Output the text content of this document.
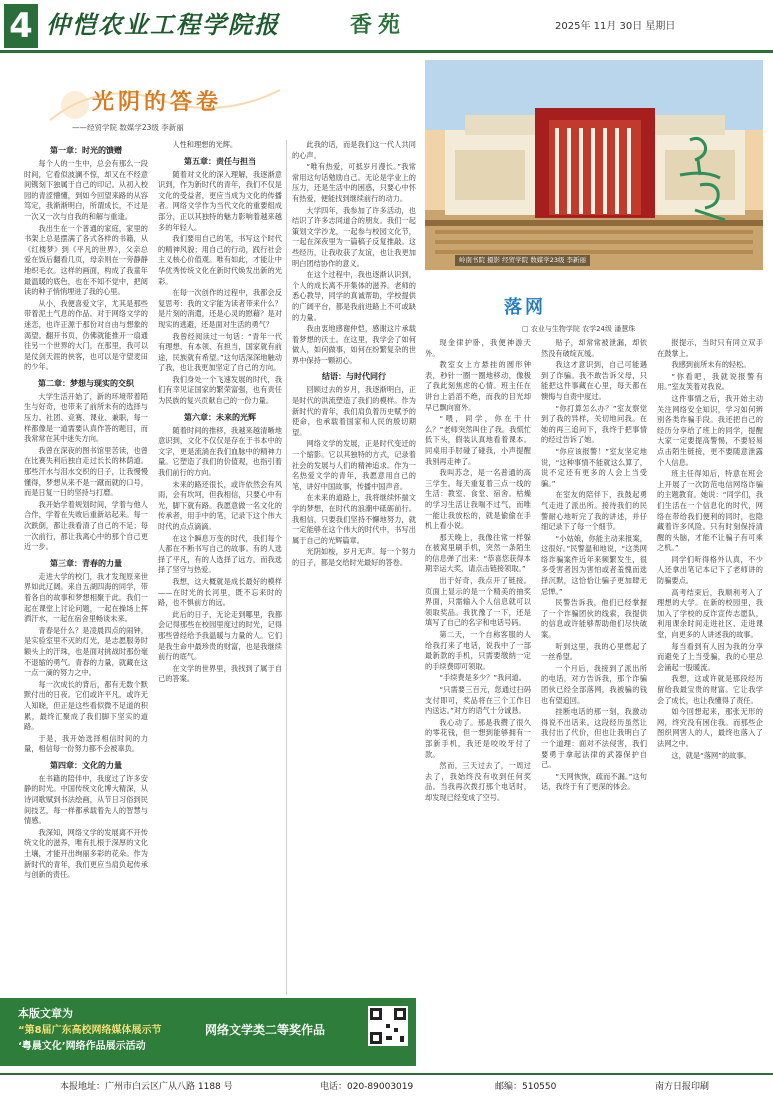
4 仲恺农业工程学院报	香苑	2025年 11月 30日 星期日
光阴的答卷
——经贸学院 数媒学23级 李新丽
第一章：时光的馈赠

每个人的一生中，总会有那么一段时间，它看似波澜不惊，却又在不经意间镌刻下独属于自己的印记。从初入校园的青涩懵懂，到如今回望来路的从容笃定，我渐渐明白，所谓成长，不过是一次又一次与自我的和解与重逢。

我出生在一个普通的家庭，家里的书架上总是摆满了各式各样的书籍，从《红楼梦》到《平凡的世界》，父亲总爱在饭后翻看几页，母亲则在一旁静静地织毛衣。这样的画面，构成了我童年最温暖的底色，也在不知不觉中，把阅读的种子悄悄埋进了我的心里。

从小，我便喜爱文字，尤其是那些带着泥土气息的作品。对于网络文学的迷恋，也许正源于那份对自由与想象的渴望。翻开书页，仿佛就能推开一扇通往另一个世界的大门，在那里，我可以是仗剑天涯的侠客，也可以是守望麦田的少年。

第二章：梦想与现实的交织

大学生活开始了，新的环境带着陌生与好奇，也带来了前所未有的选择与压力。社团、竞赛、课业、兼职，每一样都像是一道需要认真作答的题目，而我常常在其中迷失方向。

我曾在深夜的图书馆里苦读，也曾在比赛失利后独自走过长长的林荫道。那些汗水与泪水交织的日子，让我慢慢懂得，梦想从来不是一蹴而就的口号，而是日复一日的坚持与打磨。

我开始学着规划时间，学着与他人合作，学着在失败后重新站起来。每一次跌倒，都让我看清了自己的不足；每一次前行，都让我离心中的那个自己更近一步。

第三章：青春的力量

走进大学的校门，我才发现原来世界如此辽阔。来自五湖四海的同学，带着各自的故事和梦想相聚于此。我们一起在课堂上讨论问题，一起在操场上挥洒汗水，一起在宿舍里畅谈未来。

青春是什么？是凌晨四点的闹钟，是实验室里不灭的灯光，是志愿服务时额头上的汗珠，也是面对挑战时那份毫不退缩的勇气。青春的力量，就藏在这一点一滴的努力之中。

每一次成长的背后，都有无数个默默付出的日夜。它们或许平凡，或许无人知晓，但正是这些看似微不足道的积累，最终汇聚成了我们脚下坚实的道路。

于是，我开始选择相信时间的力量，相信每一份努力都不会被辜负。

第四章：文化的力量

在书籍的陪伴中，我度过了许多安静的时光。中国传统文化博大精深，从诗词歌赋到书法绘画，从节日习俗到民间技艺，每一样都承载着先人的智慧与情感。

我深知，网络文学的发展离不开传统文化的滋养，唯有扎根于深厚的文化土壤，才能开出绚丽多彩的花朵。作为新时代的青年，我们更应当肩负起传承与创新的责任。

人性和理想的光辉。

第五章：责任与担当

随着对文化的深入理解，我逐渐意识到，作为新时代的青年，我们不仅是文化的受益者，更应当成为文化的传播者。网络文学作为当代文化的重要组成部分，正以其独特的魅力影响着越来越多的年轻人。

我们要用自己的笔，书写这个时代的精神风貌；用自己的行动，践行社会主义核心价值观。唯有如此，才能让中华优秀传统文化在新时代焕发出新的光彩。

在每一次创作的过程中，我都会反复思考：我的文字能为读者带来什么？是片刻的消遣，还是心灵的慰藉？是对现实的逃避，还是面对生活的勇气？

我曾经阅读过一句话：“青年一代有理想、有本领、有担当，国家就有前途，民族就有希望。”这句话深深地触动了我，也让我更加坚定了自己的方向。

我们身处一个飞速发展的时代，我们有幸见证国家的繁荣富强，也有责任为民族的复兴贡献自己的一份力量。

第六章：未来的光辉

随着时间的推移，我越来越清晰地意识到，文化不仅仅是存在于书本中的文字，更是流淌在我们血脉中的精神力量。它塑造了我们的价值观，也指引着我们前行的方向。

未来的路还很长，或许依然会有风雨，会有坎坷，但我相信，只要心中有光，脚下就有路。我愿意做一名文化的传承者，用手中的笔，记录下这个伟大时代的点点滴滴。

在这个瞬息万变的时代，我们每个人都在不断书写自己的故事。有的人选择了平凡，有的人选择了远方，而我选择了坚守与热爱。

我想，这大概就是成长最好的模样——在时光的长河里，既不忘来时的路，也不惧前方的远。

此后的日子，无论走到哪里，我都会记得那些在校园里度过的时光，记得那些曾经给予我温暖与力量的人。它们是我生命中最珍贵的财富，也是我继续前行的底气。

在文学的世界里，我找到了属于自己的答案。

此我的话，而是我们这一代人共同的心声。

“唯有热爱，可抵岁月漫长。”我常常用这句话勉励自己。无论是学业上的压力，还是生活中的困惑，只要心中怀有热爱，便能找到继续前行的动力。

大学四年，我参加了许多活动，也结识了许多志同道合的朋友。我们一起策划文学沙龙，一起参与校园文化节，一起在深夜里为一篇稿子反复推敲。这些经历，让我收获了友谊，也让我更加明白团结协作的意义。

在这个过程中，我也逐渐认识到，个人的成长离不开集体的滋养。老师的悉心教导，同学的真诚帮助，学校提供的广阔平台，都是我前进路上不可或缺的力量。

我由衷地感谢仲恺，感谢这片承载着梦想的沃土。在这里，我学会了如何做人，如何做事，如何在纷繁复杂的世界中保持一颗初心。

结语：与时代同行

回顾过去的岁月，我逐渐明白，正是时代的洪流塑造了我们的模样。作为新时代的青年，我们肩负着历史赋予的使命，也承载着国家和人民的殷切期望。

网络文学的发展，正是时代变迁的一个缩影。它以其独特的方式，记录着社会的发展与人们的精神追求。作为一名热爱文学的青年，我愿意用自己的笔，讲好中国故事，传播中国声音。

在未来的道路上，我将继续怀揣文学的梦想，在时代的浪潮中砥砺前行。我相信，只要我们坚持不懈地努力，就一定能够在这个伟大的时代中，书写出属于自己的光辉篇章。

光阴如梭，岁月无声。每一个努力的日子，都是交给时光最好的答卷。

岭南书院 摄影 经贸学院 数媒学23级 李新丽
落网
□ 农业与生物学院 农学24级 潘慧珠

现金律护卧，我便神游天外。

教室女上方悬挂的圆形钟表，秒针一圈一圈地移动，像极了我此刻焦虑的心情。班主任在讲台上滔滔不绝，而我的目光却早已飘向窗外。

“喂，同学，你在干什么？”老师突然叫住了我。我慌忙低下头，假装认真地看着课本。同桌用手肘碰了碰我，小声提醒我别再走神了。

我叫苏念，是一名普通的高三学生。每天重复着三点一线的生活：教室、食堂、宿舍。枯燥的学习生活让我喘不过气，而唯一能让我放松的，就是偷偷在手机上看小说。

那天晚上，我像往常一样躲在被窝里刷手机，突然一条陌生的信息弹了出来：“恭喜您获得本期幸运大奖，请点击链接领取。”

出于好奇，我点开了链接。页面上显示的是一个精美的抽奖界面，只需输入个人信息就可以领取奖品。我犹豫了一下，还是填写了自己的名字和电话号码。

第二天，一个自称客服的人给我打来了电话，说我中了一部最新款的手机，只需要缴纳一定的手续费即可领取。

“手续费是多少？”我问道。

“只需要三百元，您通过扫码支付即可，奖品将在三个工作日内送达。”对方的语气十分诚恳。

我心动了。那是我攒了很久的零花钱，但一想到能够拥有一部新手机，我还是咬咬牙付了款。

然而，三天过去了，一周过去了，我始终没有收到任何奖品。当我再次拨打那个电话时，却发现已经变成了空号。

贴子，却常常被泄漏，却依然没有破绽瓦缓。

我这才意识到，自己可能遇到了诈骗。我不敢告诉父母，只能把这件事藏在心里，每天都在懊悔与自责中度过。

“你打算怎么办？”室友察觉到了我的异样，关切地问我。在她的再三追问下，我终于把事情的经过告诉了她。

“你应该报警！”室友坚定地说，“这种事情不能就这么算了，说不定还有更多的人会上当受骗。”

在室友的陪伴下，我鼓起勇气走进了派出所。接待我们的民警耐心地听完了我的讲述，并仔细记录下了每一个细节。

“小姑娘，你能主动来报案，这很好。”民警温和地说，“这类网络诈骗案件近年来频繁发生，很多受害者因为害怕或者羞愧而选择沉默，这恰恰让骗子更加肆无忌惮。”

民警告诉我，他们已经掌握了一个诈骗团伙的线索，我提供的信息或许能够帮助他们尽快破案。

听到这里，我的心里燃起了一丝希望。

一个月后，我接到了派出所的电话，对方告诉我，那个诈骗团伙已经全部落网，我被骗的钱也有望追回。

挂断电话的那一刻，我激动得说不出话来。这段经历虽然让我付出了代价，但也让我明白了一个道理：面对不法侵害，我们要勇于拿起法律的武器保护自己。

“天网恢恢，疏而不漏。”这句话，我终于有了更深的体会。

报提示，当时只有同立双手在鼓掌上。

我感到前所未有的轻松。

“你看吧，我就说报警有用。”室友笑着对我说。

这件事情之后，我开始主动关注网络安全知识，学习如何辨别各类诈骗手段。我还把自己的经历分享给了班上的同学，提醒大家一定要提高警惕，不要轻易点击陌生链接，更不要随意泄露个人信息。

班主任得知后，特意在班会上开展了一次防范电信网络诈骗的主题教育。她说：“同学们，我们生活在一个信息化的时代，网络在带给我们便利的同时，也隐藏着许多风险。只有时刻保持清醒的头脑，才能不让骗子有可乘之机。”

同学们听得格外认真，不少人还拿出笔记本记下了老师讲的防骗要点。

高考结束后，我顺利考入了理想的大学。在新的校园里，我加入了学校的反诈宣传志愿队，利用课余时间走进社区、走进课堂，向更多的人讲述我的故事。

每当看到有人因为我的分享而避免了上当受骗，我的心里总会涌起一股暖流。

我想，这或许就是那段经历留给我最宝贵的财富。它让我学会了成长，也让我懂得了责任。

如今回想起来，那张无形的网，终究没有困住我。而那些企图织网害人的人，最终也落入了法网之中。

这，就是“落网”的故事。

本版文章为
“第8届广东高校网络媒体展示节
‘粤晨文化’网络作品展示活动
网络文学类二等奖作品
本报地址：广州市白云区广从八路 1188 号	电话：020-89003019	邮编：510550	南方日报印刷
